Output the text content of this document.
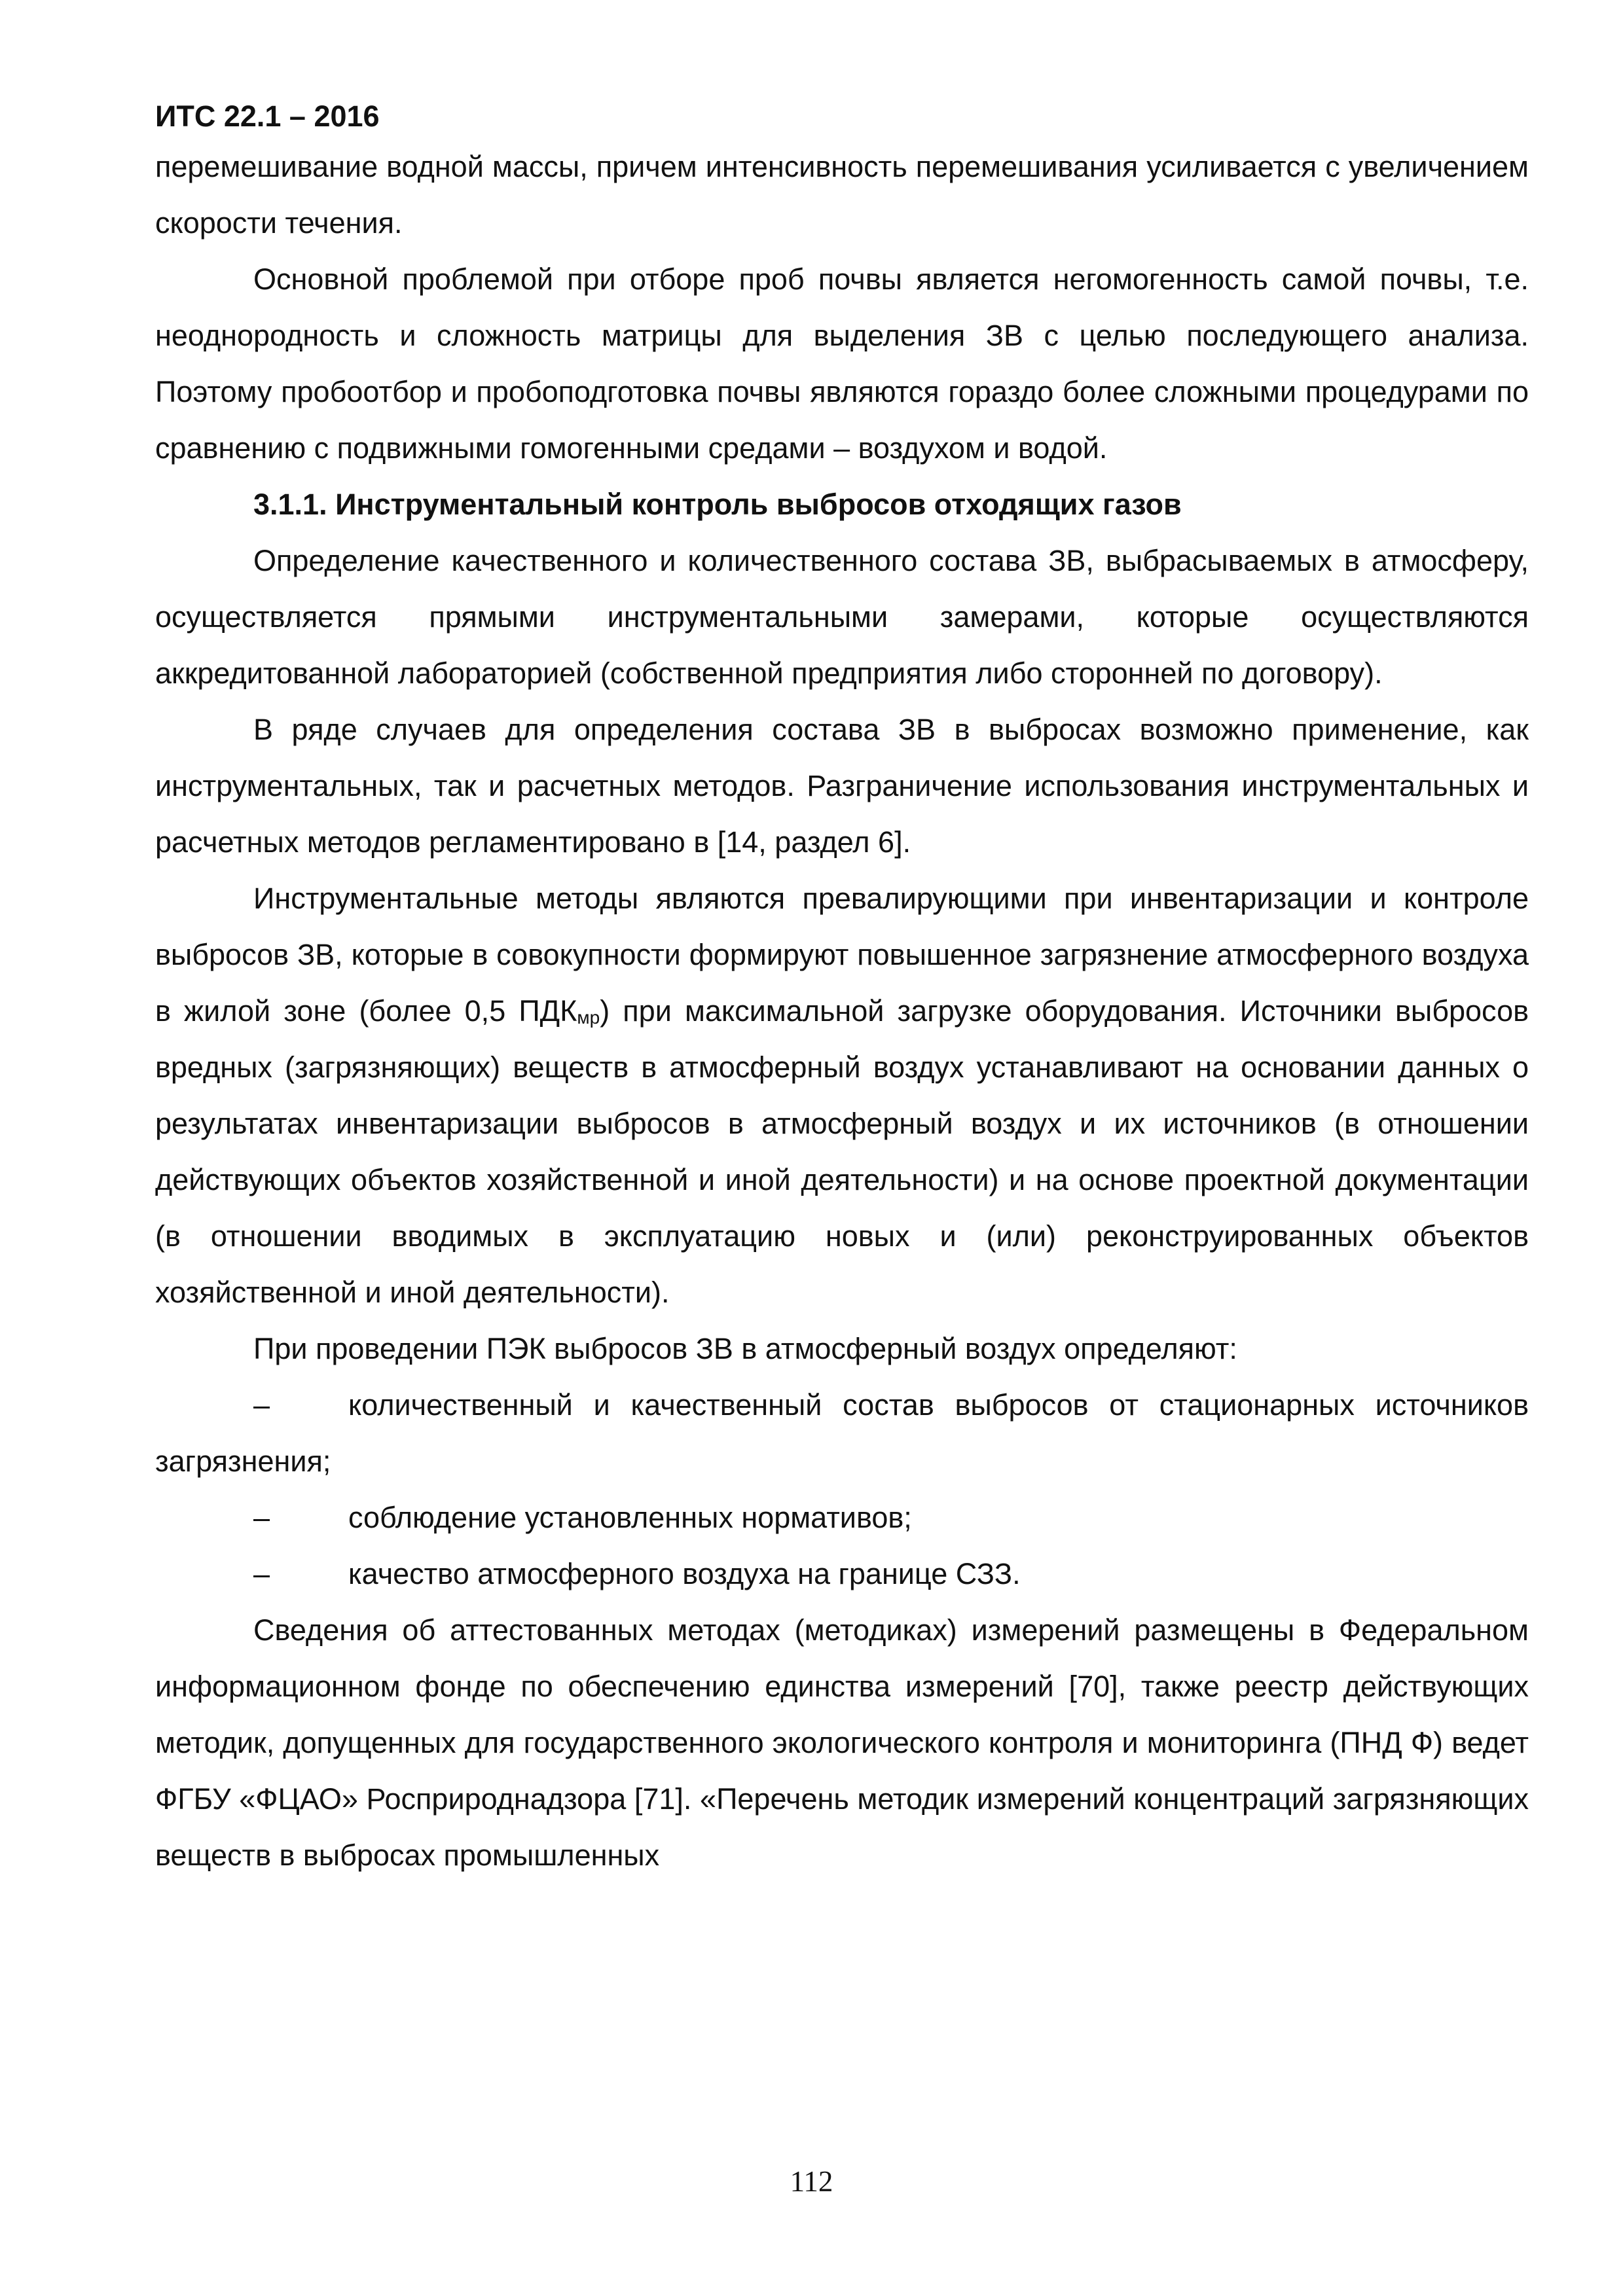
ИТС 22.1 – 2016

перемешивание водной массы, причем интенсивность перемешивания усиливается с увеличением скорости течения.

Основной проблемой при отборе проб почвы является негомогенность самой почвы, т.е. неоднородность и сложность матрицы для выделения ЗВ с целью последующего анализа. Поэтому пробоотбор и пробоподготовка почвы являются гораздо более сложными процедурами по сравнению с подвижными гомогенными средами – воздухом и водой.

3.1.1. Инструментальный контроль выбросов отходящих газов

Определение качественного и количественного состава ЗВ, выбрасываемых в атмосферу, осуществляется прямыми инструментальными замерами, которые осуществляются аккредитованной лабораторией (собственной предприятия либо сторонней по договору).

В ряде случаев для определения состава ЗВ в выбросах возможно применение, как инструментальных, так и расчетных методов. Разграничение использования инструментальных и расчетных методов регламентировано в [14, раздел 6].

Инструментальные методы являются превалирующими при инвентаризации и контроле выбросов ЗВ, которые в совокупности формируют повышенное загрязнение атмосферного воздуха в жилой зоне (более 0,5 $ПДК_{мр}$) при максимальной загрузке оборудования. Источники выбросов вредных (загрязняющих) веществ в атмосферный воздух устанавливают на основании данных о результатах инвентаризации выбросов в атмосферный воздух и их источников (в отношении действующих объектов хозяйственной и иной деятельности) и на основе проектной документации (в отношении вводимых в эксплуатацию новых и (или) реконструированных объектов хозяйственной и иной деятельности).

При проведении ПЭК выбросов ЗВ в атмосферный воздух определяют:

–	количественный и качественный состав выбросов от стационарных источников загрязнения;

–	соблюдение установленных нормативов;

–	качество атмосферного воздуха на границе СЗЗ.

Сведения об аттестованных методах (методиках) измерений размещены в Федеральном информационном фонде по обеспечению единства измерений [70], также реестр действующих методик, допущенных для государственного экологического контроля и мониторинга (ПНД Ф) ведет ФГБУ «ФЦАО» Росприроднадзора [71]. «Перечень методик измерений концентраций загрязняющих веществ в выбросах промышленных

112
